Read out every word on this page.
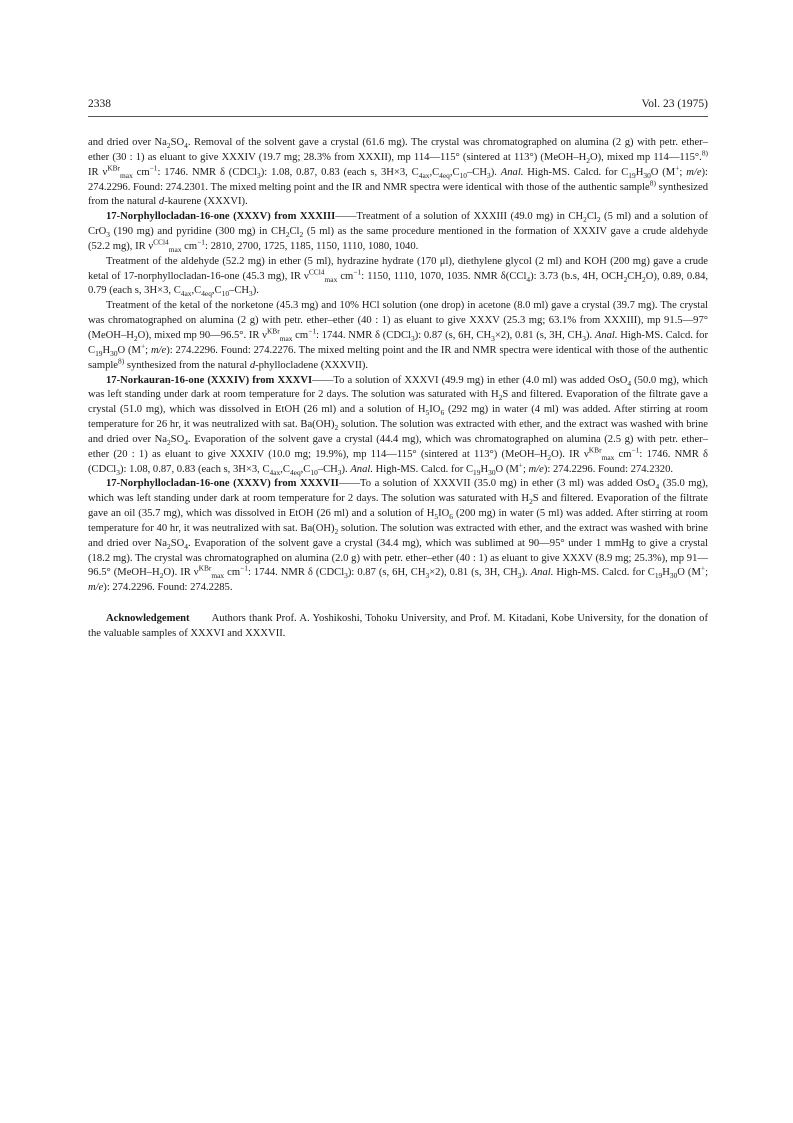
2338	Vol. 23 (1975)

and dried over $Na_2SO_4$. Removal of the solvent gave a crystal (61.6 mg). The crystal was chromatographed on alumina (2 g) with petr. ether–ether (30 : 1) as eluant to give XXXIV (19.7 mg; 28.3% from XXXII), mp 114—115° (sintered at 113°) $(MeOH-H_2O)$, mixed mp 114—115°.$^{8)}$ IR $\nu^{KBr}_{max}$ $cm^{-1}$: 1746. NMR δ (CDCl$_3$): 1.08, 0.87, 0.83 (each s, 3H×3, $C_{4ax},C_{4eq},C_{10}-CH_3$). Anal. High-MS. Calcd. for $C_{19}H_{30}O$ (M+; m/e): 274.2296. Found: 274.2301. The mixed melting point and the IR and NMR spectra were identical with those of the authentic sample$^{8)}$ synthesized from the natural d-kaurene (XXXVI).

17-Norphyllocladan-16-one (XXXV) from XXXIII——Treatment of a solution of XXXIII (49.0 mg) in $CH_2Cl_2$ (5 ml) and a solution of CrO$_3$ (190 mg) and pyridine (300 mg) in $CH_2Cl_2$ (5 ml) as the same procedure mentioned in the formation of XXXIV gave a crude aldehyde (52.2 mg), IR $\nu^{CCl4}_{max}$ $cm^{-1}$: 2810, 2700, 1725, 1185, 1150, 1110, 1080, 1040.

Treatment of the aldehyde (52.2 mg) in ether (5 ml), hydrazine hydrate (170 μl), diethylene glycol (2 ml) and KOH (200 mg) gave a crude ketal of 17-norphyllocladan-16-one (45.3 mg), IR $\nu^{CCl4}_{max}$ $cm^{-1}$: 1150, 1110, 1070, 1035. NMR δ(CCl$_4$): 3.73 (b.s, 4H, $OCH_2CH_2O$), 0.89, 0.84, 0.79 (each s, 3H×3, $C_{4ax},C_{4eq},C_{10}-CH_3$).

Treatment of the ketal of the norketone (45.3 mg) and 10% HCl solution (one drop) in acetone (8.0 ml) gave a crystal (39.7 mg). The crystal was chromatographed on alumina (2 g) with petr. ether–ether (40 : 1) as eluant to give XXXV (25.3 mg; 63.1% from XXXIII), mp 91.5—97° $(MeOH-H_2O)$, mixed mp 90—96.5°. IR $\nu^{KBr}_{max}$ $cm^{-1}$: 1744. NMR δ (CDCl$_3$): 0.87 (s, 6H, $CH_3\times 2$), 0.81 (s, 3H, $CH_3$). Anal. High-MS. Calcd. for $C_{19}H_{30}O$ (M+; m/e): 274.2296. Found: 274.2276. The mixed melting point and the IR and NMR spectra were identical with those of the authentic sample$^{8)}$ synthesized from the natural d-phyllocladene (XXXVII).

17-Norkauran-16-one (XXXIV) from XXXVI——To a solution of XXXVI (49.9 mg) in ether (4.0 ml) was added OsO$_4$ (50.0 mg), which was left standing under dark at room temperature for 2 days. The solution was saturated with $H_2S$ and filtered. Evaporation of the filtrate gave a crystal (51.0 mg), which was dissolved in EtOH (26 ml) and a solution of $H_5IO_6$ (292 mg) in water (4 ml) was added. After stirring at room temperature for 26 hr, it was neutralized with sat. $Ba(OH)_2$ solution. The solution was extracted with ether, and the extract was washed with brine and dried over $Na_2SO_4$. Evaporation of the solvent gave a crystal (44.4 mg), which was chromatographed on alumina (2.5 g) with petr. ether–ether (20 : 1) as eluant to give XXXIV (10.0 mg; 19.9%), mp 114—115° (sintered at 113°) $(MeOH-H_2O)$. IR $\nu^{KBr}_{max}$ $cm^{-1}$: 1746. NMR δ (CDCl$_3$): 1.08, 0.87, 0.83 (each s, 3H×3, $C_{4ax},C_{4eq},C_{10}-CH_3$). Anal. High-MS. Calcd. for $C_{19}H_{30}O$ (M+; m/e): 274.2296. Found: 274.2320.

17-Norphyllocladan-16-one (XXXV) from XXXVII——To a solution of XXXVII (35.0 mg) in ether (3 ml) was added OsO$_4$ (35.0 mg), which was left standing under dark at room temperature for 2 days. The solution was saturated with $H_2S$ and filtered. Evaporation of the filtrate gave an oil (35.7 mg), which was dissolved in EtOH (26 ml) and a solution of $H_5IO_6$ (200 mg) in water (5 ml) was added. After stirring at room temperature for 40 hr, it was neutralized with sat. $Ba(OH)_2$ solution. The solution was extracted with ether, and the extract was washed with brine and dried over $Na_2SO_4$. Evaporation of the solvent gave a crystal (34.4 mg), which was sublimed at 90—95° under 1 mmHg to give a crystal (18.2 mg). The crystal was chromatographed on alumina (2.0 g) with petr. ether–ether (40 : 1) as eluant to give XXXV (8.9 mg; 25.3%), mp 91—96.5° $(MeOH-H_2O)$. IR $\nu^{KBr}_{max}$ $cm^{-1}$: 1744. NMR δ (CDCl$_3$): 0.87 (s, 6H, $CH_3\times 2$), 0.81 (s, 3H, $CH_3$). Anal. High-MS. Calcd. for $C_{19}H_{30}O$ (M+; m/e): 274.2296. Found: 274.2285.

Acknowledgement Authors thank Prof. A. Yoshikoshi, Tohoku University, and Prof. M. Kitadani, Kobe University, for the donation of the valuable samples of XXXVI and XXXVII.
